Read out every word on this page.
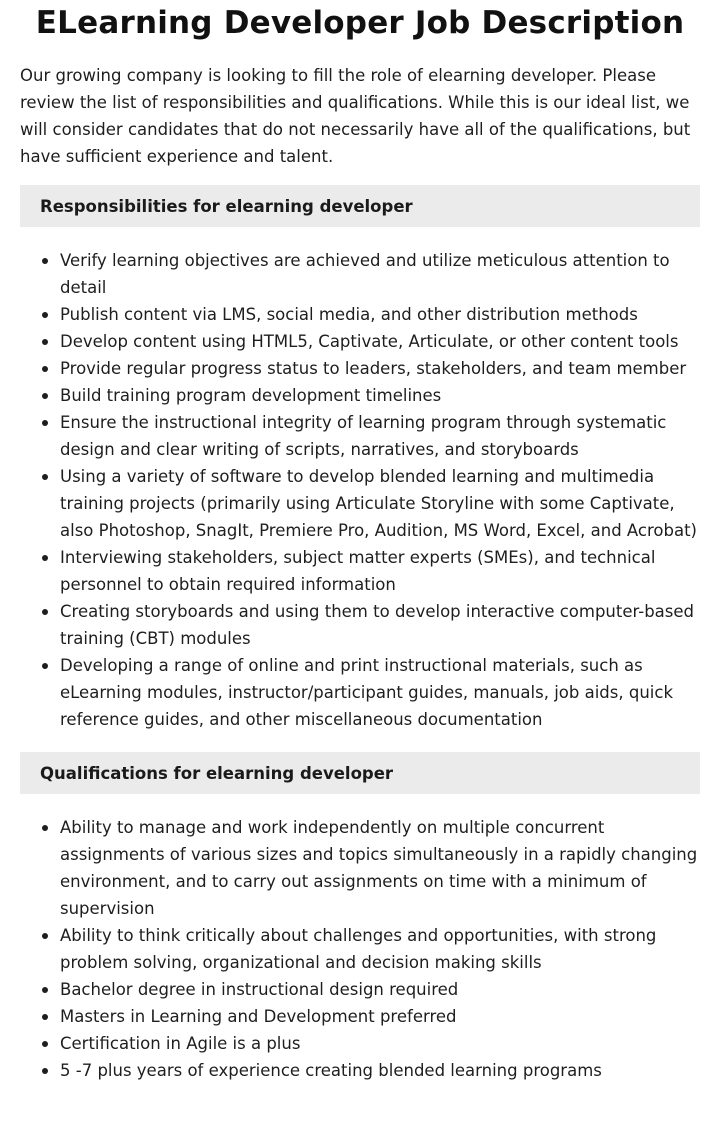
ELearning Developer Job Description

Our growing company is looking to fill the role of elearning developer. Please review the list of responsibilities and qualifications. While this is our ideal list, we will consider candidates that do not necessarily have all of the qualifications, but have sufficient experience and talent.

Responsibilities for elearning developer
Verify learning objectives are achieved and utilize meticulous attention to detail
Publish content via LMS, social media, and other distribution methods
Develop content using HTML5, Captivate, Articulate, or other content tools
Provide regular progress status to leaders, stakeholders, and team member
Build training program development timelines
Ensure the instructional integrity of learning program through systematic design and clear writing of scripts, narratives, and storyboards
Using a variety of software to develop blended learning and multimedia training projects (primarily using Articulate Storyline with some Captivate, also Photoshop, SnagIt, Premiere Pro, Audition, MS Word, Excel, and Acrobat)
Interviewing stakeholders, subject matter experts (SMEs), and technical personnel to obtain required information
Creating storyboards and using them to develop interactive computer-based training (CBT) modules
Developing a range of online and print instructional materials, such as eLearning modules, instructor/participant guides, manuals, job aids, quick reference guides, and other miscellaneous documentation
Qualifications for elearning developer
Ability to manage and work independently on multiple concurrent assignments of various sizes and topics simultaneously in a rapidly changing environment, and to carry out assignments on time with a minimum of supervision
Ability to think critically about challenges and opportunities, with strong problem solving, organizational and decision making skills
Bachelor degree in instructional design required
Masters in Learning and Development preferred
Certification in Agile is a plus
5 -7 plus years of experience creating blended learning programs
